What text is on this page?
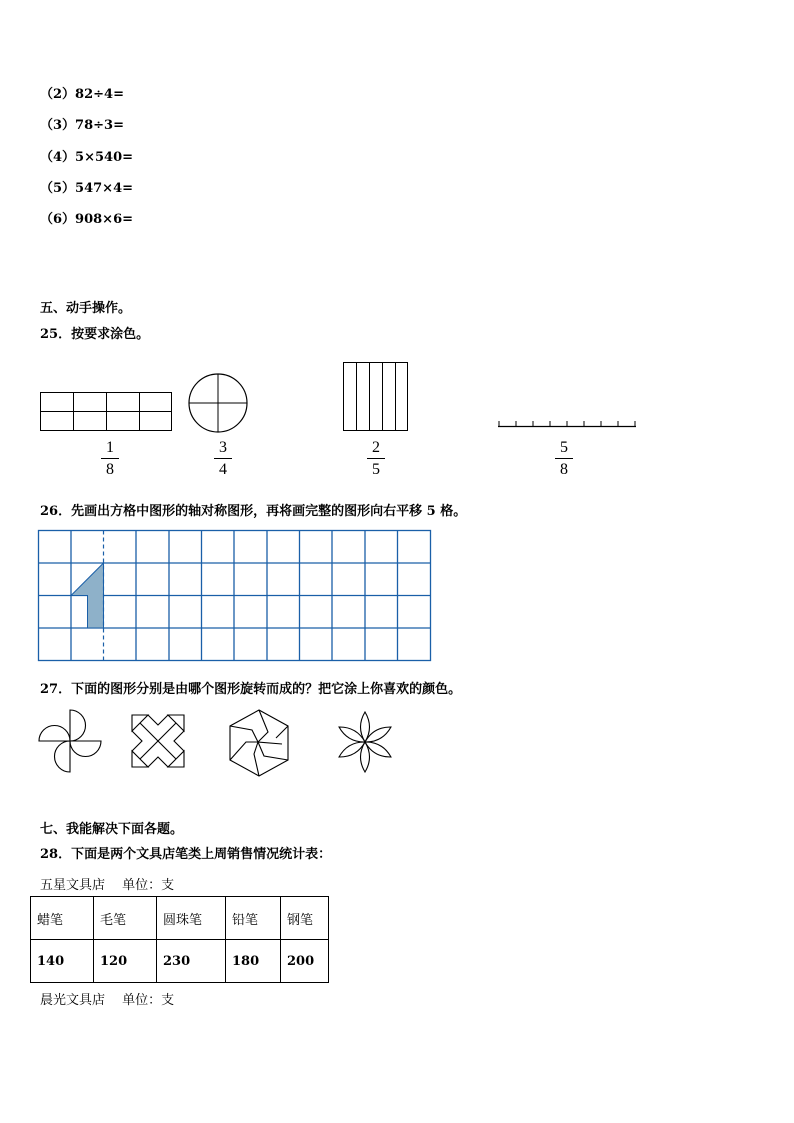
（2）82÷4=
（3）78÷3=
（4）5×540=
（5）547×4=
（6）908×6=
五、动手操作。
25．按要求涂色。
1
8
3
4
2
5
5
8
26．先画出方格中图形的轴对称图形，再将画完整的图形向右平移 5 格。
27．下面的图形分别是由哪个图形旋转而成的？把它涂上你喜欢的颜色。
七、我能解决下面各题。
28．下面是两个文具店笔类上周销售情况统计表：
五星文具店　 单位：支
蜡笔	毛笔	圆珠笔	铅笔	钢笔
140	120	230	180	200
晨光文具店　 单位：支
